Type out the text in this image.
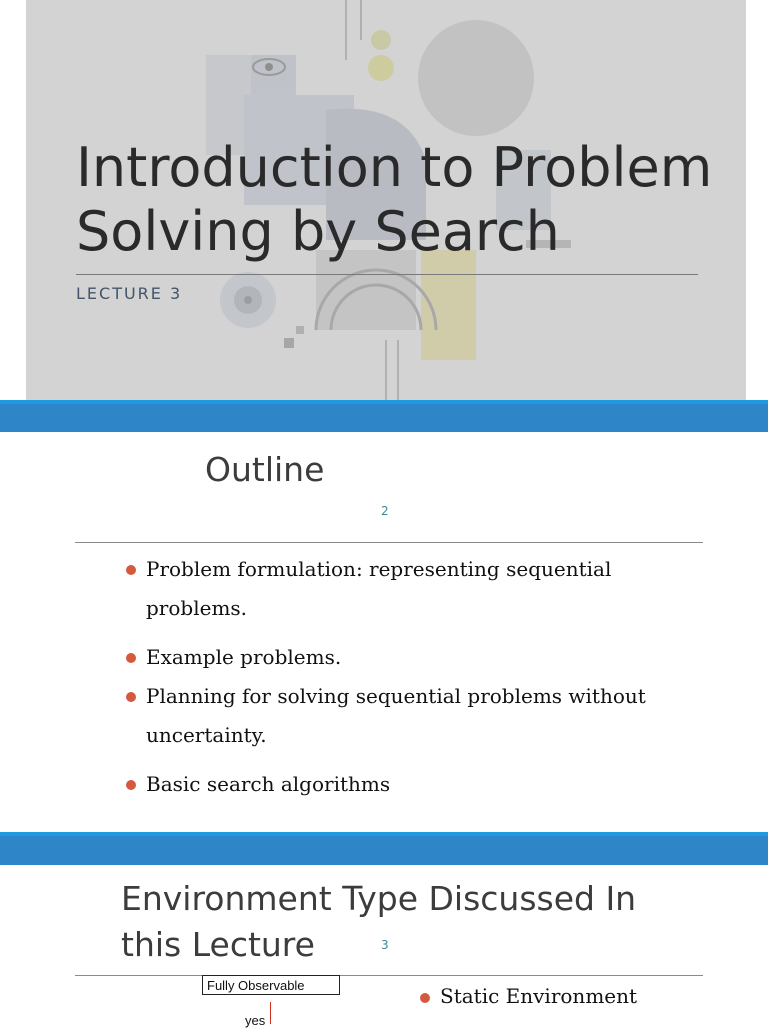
Introduction to Problem
Solving by Search
LECTURE 3
Outline
2
Problem formulation: representing sequential
problems.
Example problems.
Planning for solving sequential problems without
uncertainty.
Basic search algorithms
Environment Type Discussed In
this Lecture	3
Fully Observable
yes
Static Environment
